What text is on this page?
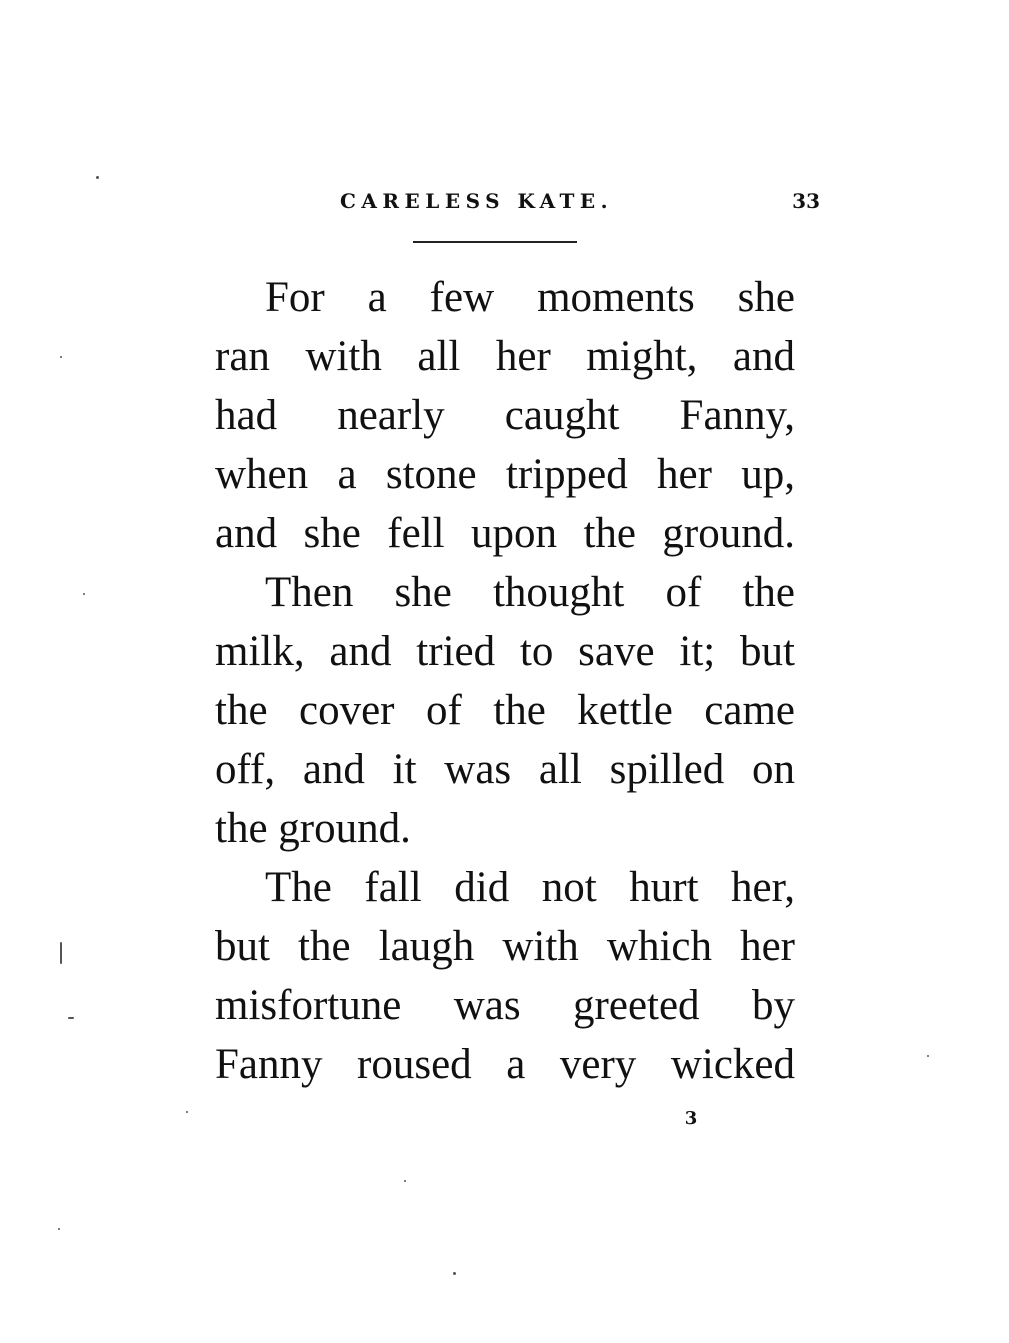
CARELESS KATE.	33
For a few moments she
ran with all her might, and
had nearly caught Fanny,
when a stone tripped her up,
and she fell upon the ground.
Then she thought of the
milk, and tried to save it; but
the cover of the kettle came
off, and it was all spilled on
the ground.
The fall did not hurt her,
but the laugh with which her
misfortune was greeted by
Fanny roused a very wicked
3
